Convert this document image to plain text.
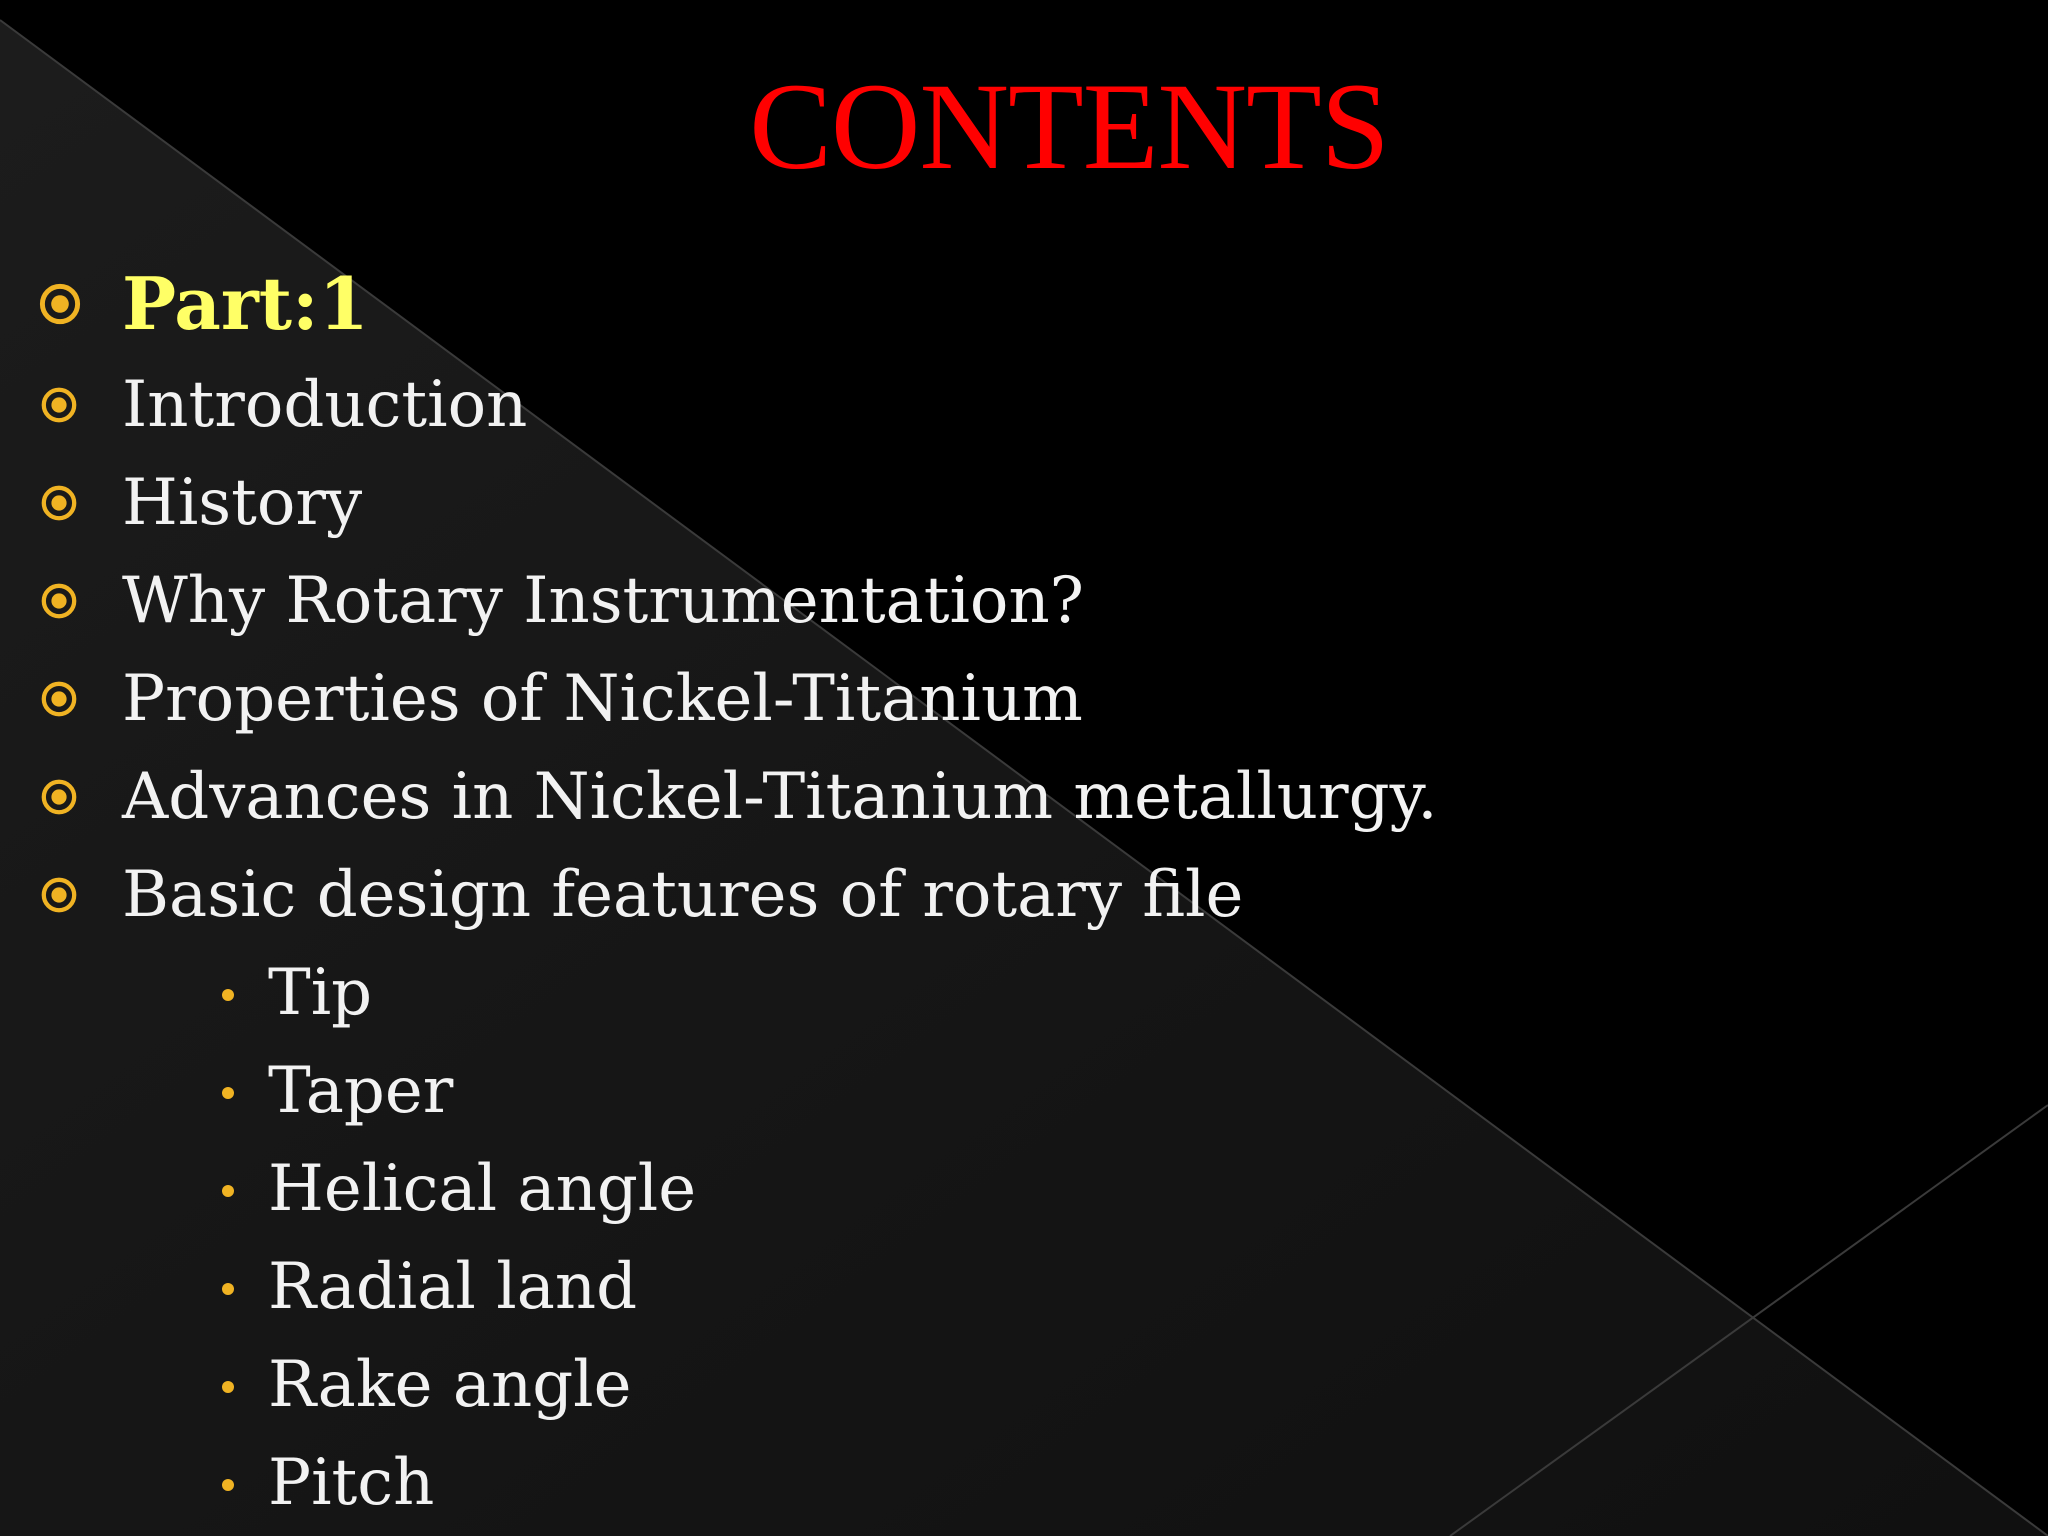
CONTENTS
Part:1
Introduction
History
Why Rotary Instrumentation?
Properties of Nickel-Titanium
Advances in Nickel-Titanium metallurgy.
Basic design features of rotary file
Tip
Taper
Helical angle
Radial land
Rake angle
Pitch
